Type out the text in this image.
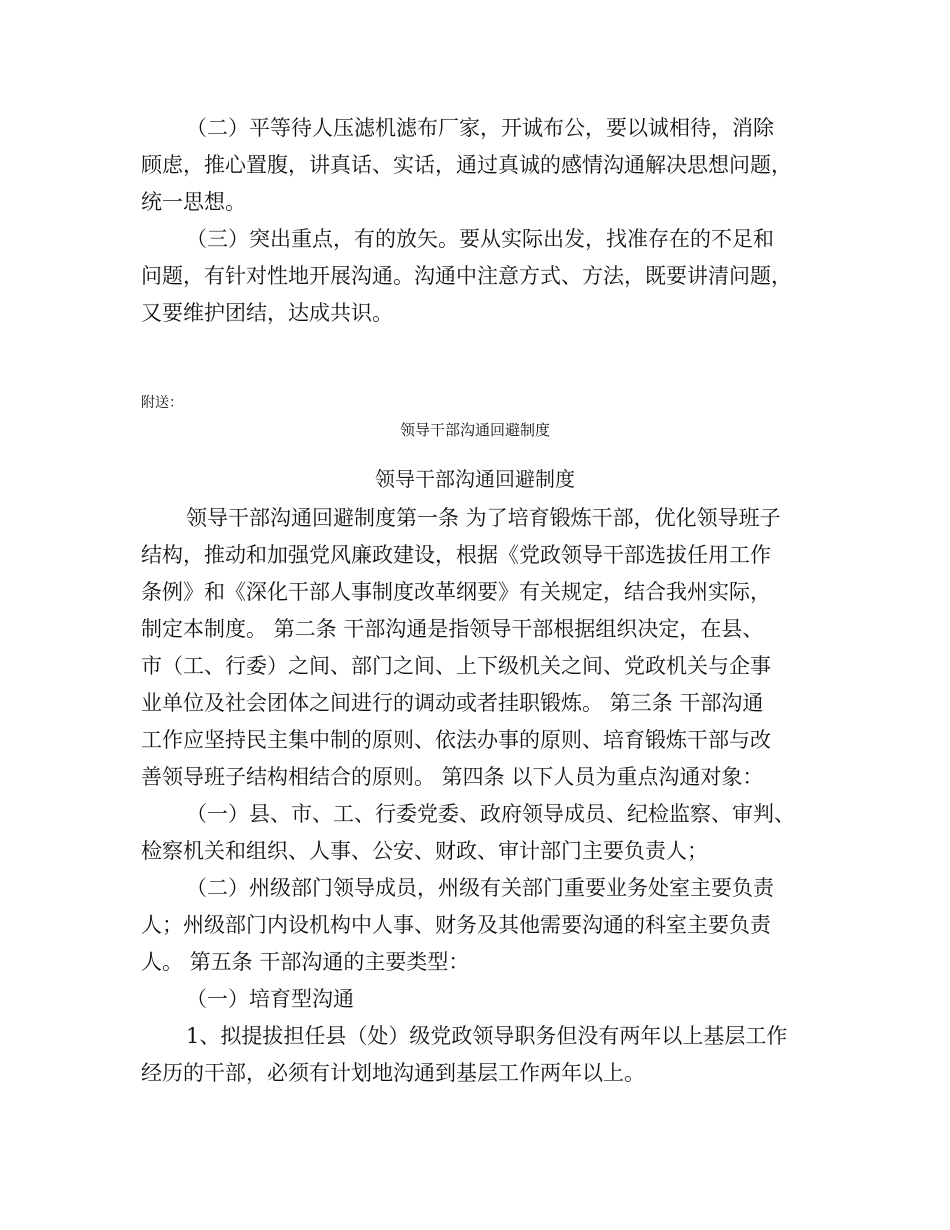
（二）平等待人压滤机滤布厂家，开诚布公，要以诚相待，消除
顾虑，推心置腹，讲真话、实话，通过真诚的感情沟通解决思想问题，
统一思想。
（三）突出重点，有的放矢。要从实际出发，找准存在的不足和
问题，有针对性地开展沟通。沟通中注意方式、方法，既要讲清问题，
又要维护团结，达成共识。
附送：
领导干部沟通回避制度
领导干部沟通回避制度
领导干部沟通回避制度第一条 为了培育锻炼干部，优化领导班子
结构，推动和加强党风廉政建设，根据《党政领导干部选拔任用工作
条例》和《深化干部人事制度改革纲要》有关规定，结合我州实际，
制定本制度。 第二条 干部沟通是指领导干部根据组织决定，在县、
市（工、行委）之间、部门之间、上下级机关之间、党政机关与企事
业单位及社会团体之间进行的调动或者挂职锻炼。 第三条 干部沟通
工作应坚持民主集中制的原则、依法办事的原则、培育锻炼干部与改
善领导班子结构相结合的原则。 第四条 以下人员为重点沟通对象：
（一）县、市、工、行委党委、政府领导成员、纪检监察、审判、
检察机关和组织、人事、公安、财政、审计部门主要负责人；
（二）州级部门领导成员，州级有关部门重要业务处室主要负责
人；州级部门内设机构中人事、财务及其他需要沟通的科室主要负责
人。 第五条 干部沟通的主要类型：
（一）培育型沟通
1、拟提拔担任县（处）级党政领导职务但没有两年以上基层工作
经历的干部，必须有计划地沟通到基层工作两年以上。
